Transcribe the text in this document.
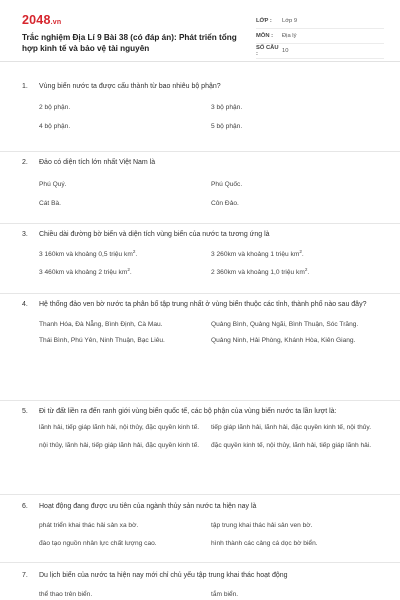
2048.vn
Trắc nghiệm Địa Lí 9 Bài 38 (có đáp án): Phát triển tổng hợp kinh tế và bảo vệ tài nguyên
LỚP :	Lớp 9
MÔN :	Địa lý
SỐ CÂU :	10
1. Vùng biển nước ta được cấu thành từ bao nhiêu bộ phận?
2 bộ phận.	3 bộ phận.
4 bộ phận.	5 bộ phận.
2. Đảo có diện tích lớn nhất Việt Nam là
Phú Quý.	Phú Quốc.
Cát Bà.	Côn Đảo.
3. Chiều dài đường bờ biển và diện tích vùng biển của nước ta tương ứng là
3 160km và khoảng 0,5 triệu $km^2$.	3 260km và khoảng 1 triệu $km^2$.
3 460km và khoảng 2 triệu $km^2$.	2 360km và khoảng 1,0 triệu $km^2$.
4. Hệ thống đảo ven bờ nước ta phân bố tập trung nhất ở vùng biển thuộc các tỉnh, thành phố nào sau đây?
Thanh Hóa, Đà Nẵng, Bình Định, Cà Mau.	Quảng Bình, Quảng Ngãi, Bình Thuận, Sóc Trăng.
Thái Bình, Phú Yên, Ninh Thuận, Bạc Liêu.	Quảng Ninh, Hải Phòng, Khánh Hòa, Kiên Giang.
5. Đi từ đất liền ra đến ranh giới vùng biển quốc tế, các bộ phận của vùng biển nước ta lần lượt là:
lãnh hải, tiếp giáp lãnh hải, nội thủy, đặc quyền kinh tế.	tiếp giáp lãnh hải, lãnh hải, đặc quyền kinh tế, nội thủy.
nội thủy, lãnh hải, tiếp giáp lãnh hải, đặc quyền kinh tế.	đặc quyền kinh tế, nội thủy, lãnh hải, tiếp giáp lãnh hải.
6. Hoạt động đang được ưu tiên của ngành thủy sản nước ta hiện nay là
phát triển khai thác hải sản xa bờ.	tập trung khai thác hải sản ven bờ.
đào tạo nguồn nhân lực chất lượng cao.	hình thành các cảng cá dọc bờ biển.
7. Du lịch biển của nước ta hiện nay mới chỉ chủ yếu tập trung khai thác hoạt động
thể thao trên biển.	tắm biển.
